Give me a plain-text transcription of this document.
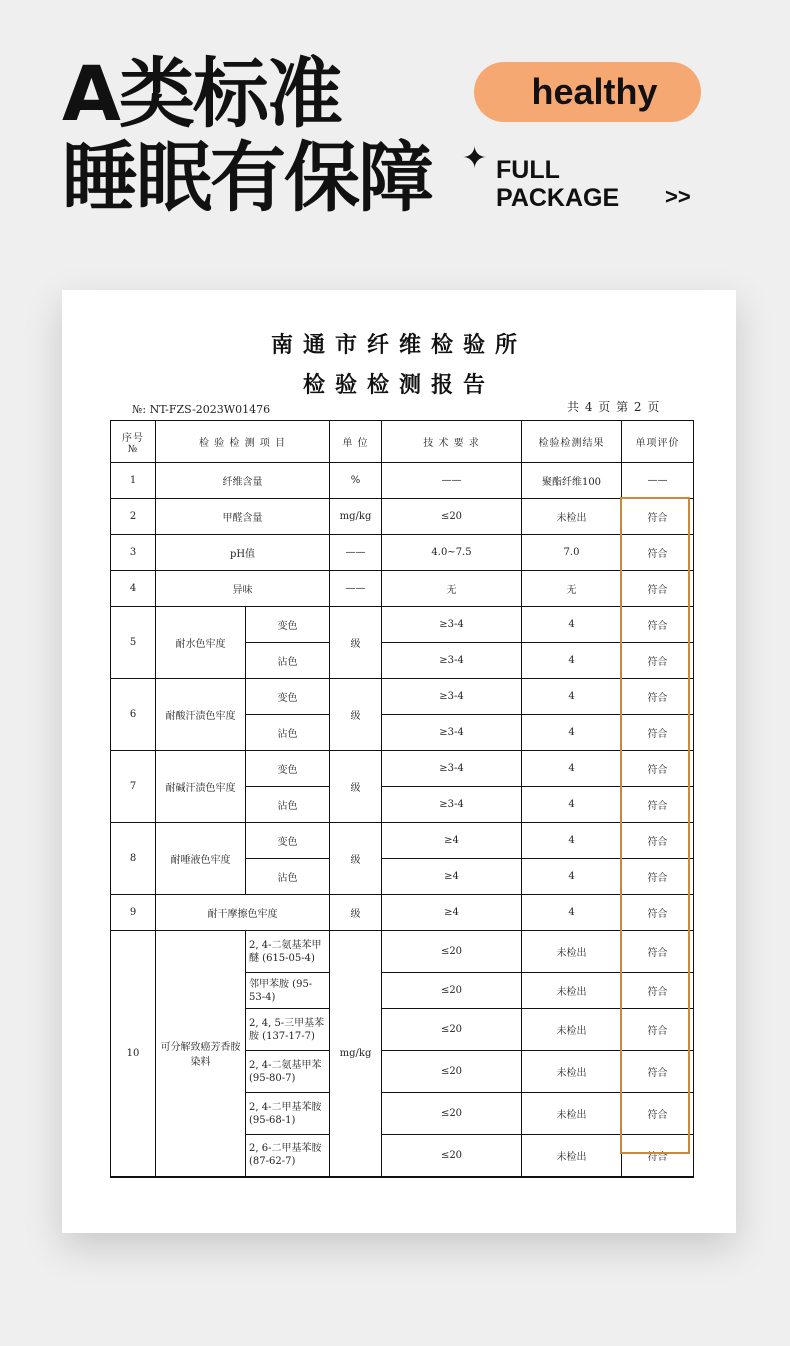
A类标准
睡眠有保障
healthy
✦ FULL
PACKAGE >>
南通市纤维检验所
检验检测报告
№: NT-FZS-2023W01476	共 4 页 第 2 页
序号
№	检 验 检 测 项 目		单 位	技 术 要 求	检验检测结果	单项评价
1	纤维含量		%	——	聚酯纤维100	——
2	甲醛含量		mg/kg	≤20	未检出	符合
3	pH值		——	4.0~7.5	7.0	符合
4	异味		——	无	无	符合
5	耐水色牢度	变色	级	≥3-4	4	符合
		沾色		≥3-4	4	符合
6	耐酸汗渍色牢度	变色	级	≥3-4	4	符合
		沾色		≥3-4	4	符合
7	耐碱汗渍色牢度	变色	级	≥3-4	4	符合
		沾色		≥3-4	4	符合
8	耐唾液色牢度	变色	级	≥4	4	符合
		沾色		≥4	4	符合
9	耐干摩擦色牢度		级	≥4	4	符合
10	可分解致癌芳香胺染料	2, 4-二氨基苯甲醚 (615-05-4)	mg/kg	≤20	未检出	符合
		邻甲苯胺 (95-53-4)		≤20	未检出	符合
		2, 4, 5-三甲基苯胺 (137-17-7)		≤20	未检出	符合
		2, 4-二氨基甲苯 (95-80-7)		≤20	未检出	符合
		2, 4-二甲基苯胺 (95-68-1)		≤20	未检出	符合
		2, 6-二甲基苯胺 (87-62-7)		≤20	未检出	符合
